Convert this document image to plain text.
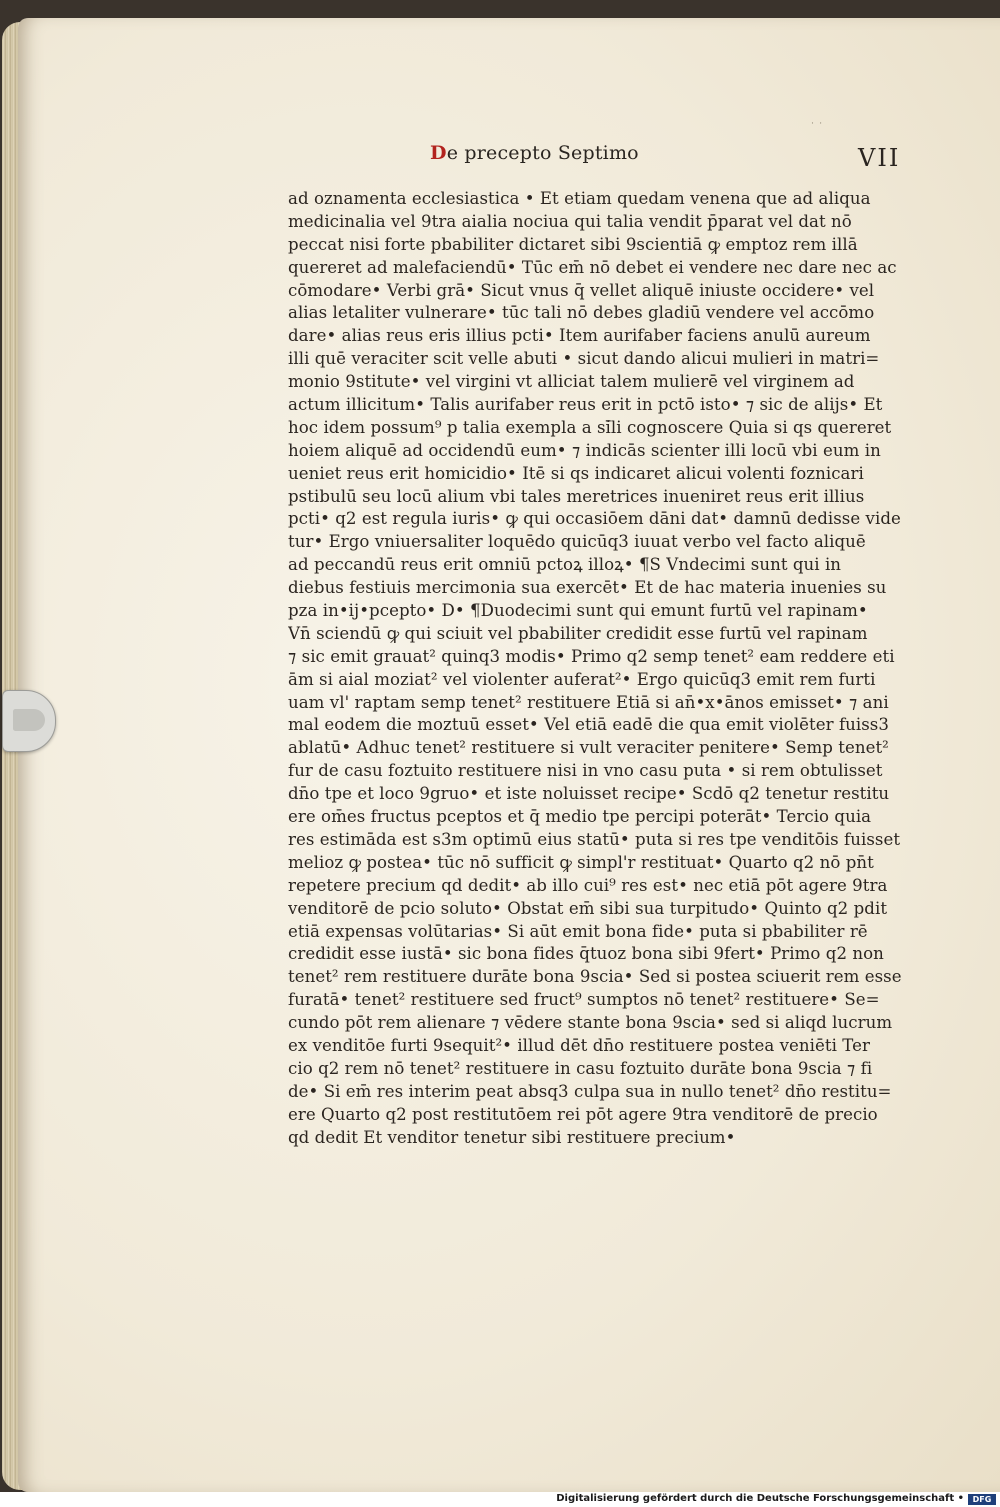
˙ ˙
De precepto Septimo	VII
ad oznamenta ecclesiastica • Et etiam quedam venena que ad aliqua
medicinalia vel 9tra aialia nociua qui talia vendit p̄parat vel dat nō
peccat nisi forte pbabiliter dictaret sibi 9scientiā ꝙ emptoz rem illā
quereret ad malefaciendū• Tūc em̄ nō debet ei vendere nec dare nec ac
cōmodare• Verbi grā• Sicut vnus q̄ vellet aliquē iniuste occidere• vel
alias letaliter vulnerare• tūc tali nō debes gladiū vendere vel accōmo
dare• alias reus eris illius pcti• Item aurifaber faciens anulū aureum
illi quē veraciter scit velle abuti • sicut dando alicui mulieri in matri=
monio 9stitute• vel virgini vt alliciat talem mulierē vel virginem ad
actum illicitum• Talis aurifaber reus erit in pctō isto• ⁊ sic de alijs• Et
hoc idem possum⁹ p talia exempla a si̇̄li cognoscere Quia si qs quereret
hoiem aliquē ad occidendū eum• ⁊ indicās scienter illi locū vbi eum in
ueniet reus erit homicidio• Itē si qs indicaret alicui volenti foznicari
pstibulū seu locū alium vbi tales meretrices inueniret reus erit illius
pcti• q2 est regula iuris• ꝙ qui occasiōem dāni dat• damnū dedisse vide
tur• Ergo vniuersaliter loquēdo quicūq3 iuuat verbo vel facto aliquē
ad peccandū reus erit omniū pctoꝝ illoꝝ• ¶S Vndecimi sunt qui in
diebus festiuis mercimonia sua exercēt• Et de hac materia inuenies su
pza in•ij•pcepto• D• ¶Duodecimi sunt qui emunt furtū vel rapinam•
Vn̄ sciendū ꝙ qui sciuit vel pbabiliter credidit esse furtū vel rapinam
⁊ sic emit grauat² quinq3 modis• Primo q2 semp tenet² eam reddere eti
ām si aial moziat² vel violenter auferat²• Ergo quicūq3 emit rem furti
uam vl' raptam semp tenet² restituere Etiā si an̄•x•ānos emisset• ⁊ ani
mal eodem die moztuū esset• Vel etiā eadē die qua emit violēter fuiss3
ablatū• Adhuc tenet² restituere si vult veraciter penitere• Semp tenet²
fur de casu foztuito restituere nisi in vno casu puta • si rem obtulisset
dn̄o tpe et loco 9gruo• et iste noluisset recipe• Scdō q2 tenetur restitu
ere om̄es fructus pceptos et q̄ medio tpe percipi poterāt• Tercio quia
res estimāda est s3m optimū eius statū• puta si res tpe venditōis fuisset
melioz ꝙ postea• tūc nō sufficit ꝙ simpl'r restituat• Quarto q2 nō pn̄t
repetere precium qd dedit• ab illo cui⁹ res est• nec etiā pōt agere 9tra
venditorē de pcio soluto• Obstat em̄ sibi sua turpitudo• Quinto q2 pdit
etiā expensas volūtarias• Si aūt emit bona fide• puta si pbabiliter rē
credidit esse iustā• sic bona fides q̄tuoz bona sibi 9fert• Primo q2 non
tenet² rem restituere durāte bona 9scia• Sed si postea sciuerit rem esse
furatā• tenet² restituere sed fruct⁹ sumptos nō tenet² restituere• Se=
cundo pōt rem alienare ⁊ vēdere stante bona 9scia• sed si aliqd lucrum
ex venditōe furti 9sequit²• illud dēt dn̄o restituere postea veniēti Ter
cio q2 rem nō tenet² restituere in casu foztuito durāte bona 9scia ⁊ fi
de• Si em̄ res interim peat absq3 culpa sua in nullo tenet² dn̄o restitu=
ere Quarto q2 post restitutōem rei pōt agere 9tra venditorē de precio
qd dedit Et venditor tenetur sibi restituere precium•
Digitalisierung gefördert durch die Deutsche Forschungsgemeinschaft •	DFG
